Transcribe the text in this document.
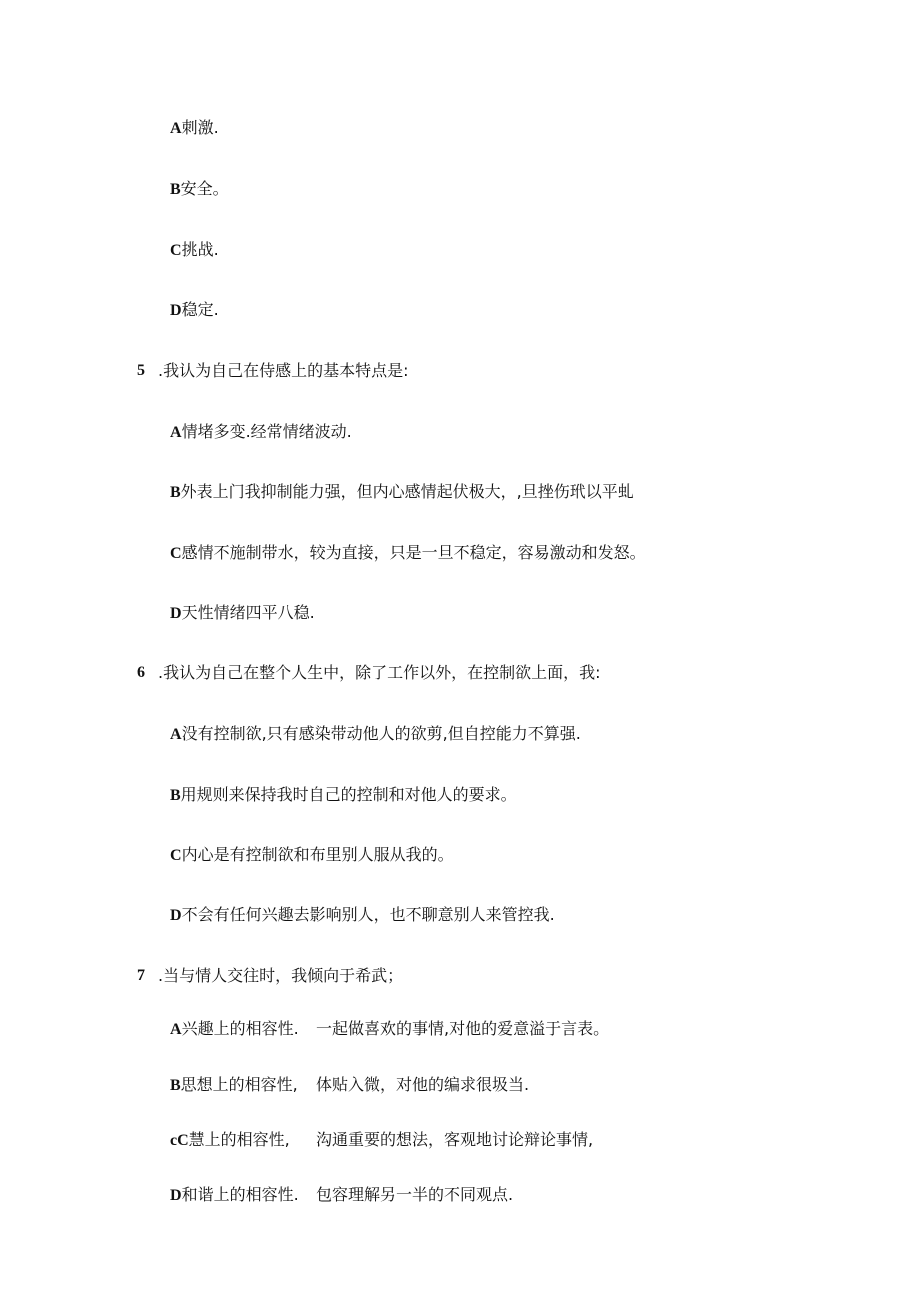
A刺激.
B安全。
C挑战.
D稳定.
5 .我认为自己在侍感上的基本特点是:
A情堵多变.经常情绪波动.
B外表上门我抑制能力强，但内心感情起伏极大，,旦挫伤玳以平虬
C感情不施制带水，较为直接，只是一旦不稳定，容易激动和发怒。
D天性情绪四平八稳.
6 .我认为自己在整个人生中，除了工作以外，在控制欲上面，我:
A没有控制欲,只有感染带动他人的欲剪,但自控能力不算强.
B用规则来保持我时自己的控制和对他人的要求。
C内心是有控制欲和布里别人服从我的。
D不会有任何兴趣去影响别人，也不聊意别人来管控我.
7 .当与情人交往时，我倾向于希武；
A兴趣上的相容性. 一起做喜欢的事情,对他的爱意溢于言表。
B思想上的相容性, 体贴入微，对他的编求很圾当.
cC慧上的相容性, 沟通重要的想法，客观地讨论辩论事情,
D和谐上的相容性. 包容理解另一半的不同观点.
